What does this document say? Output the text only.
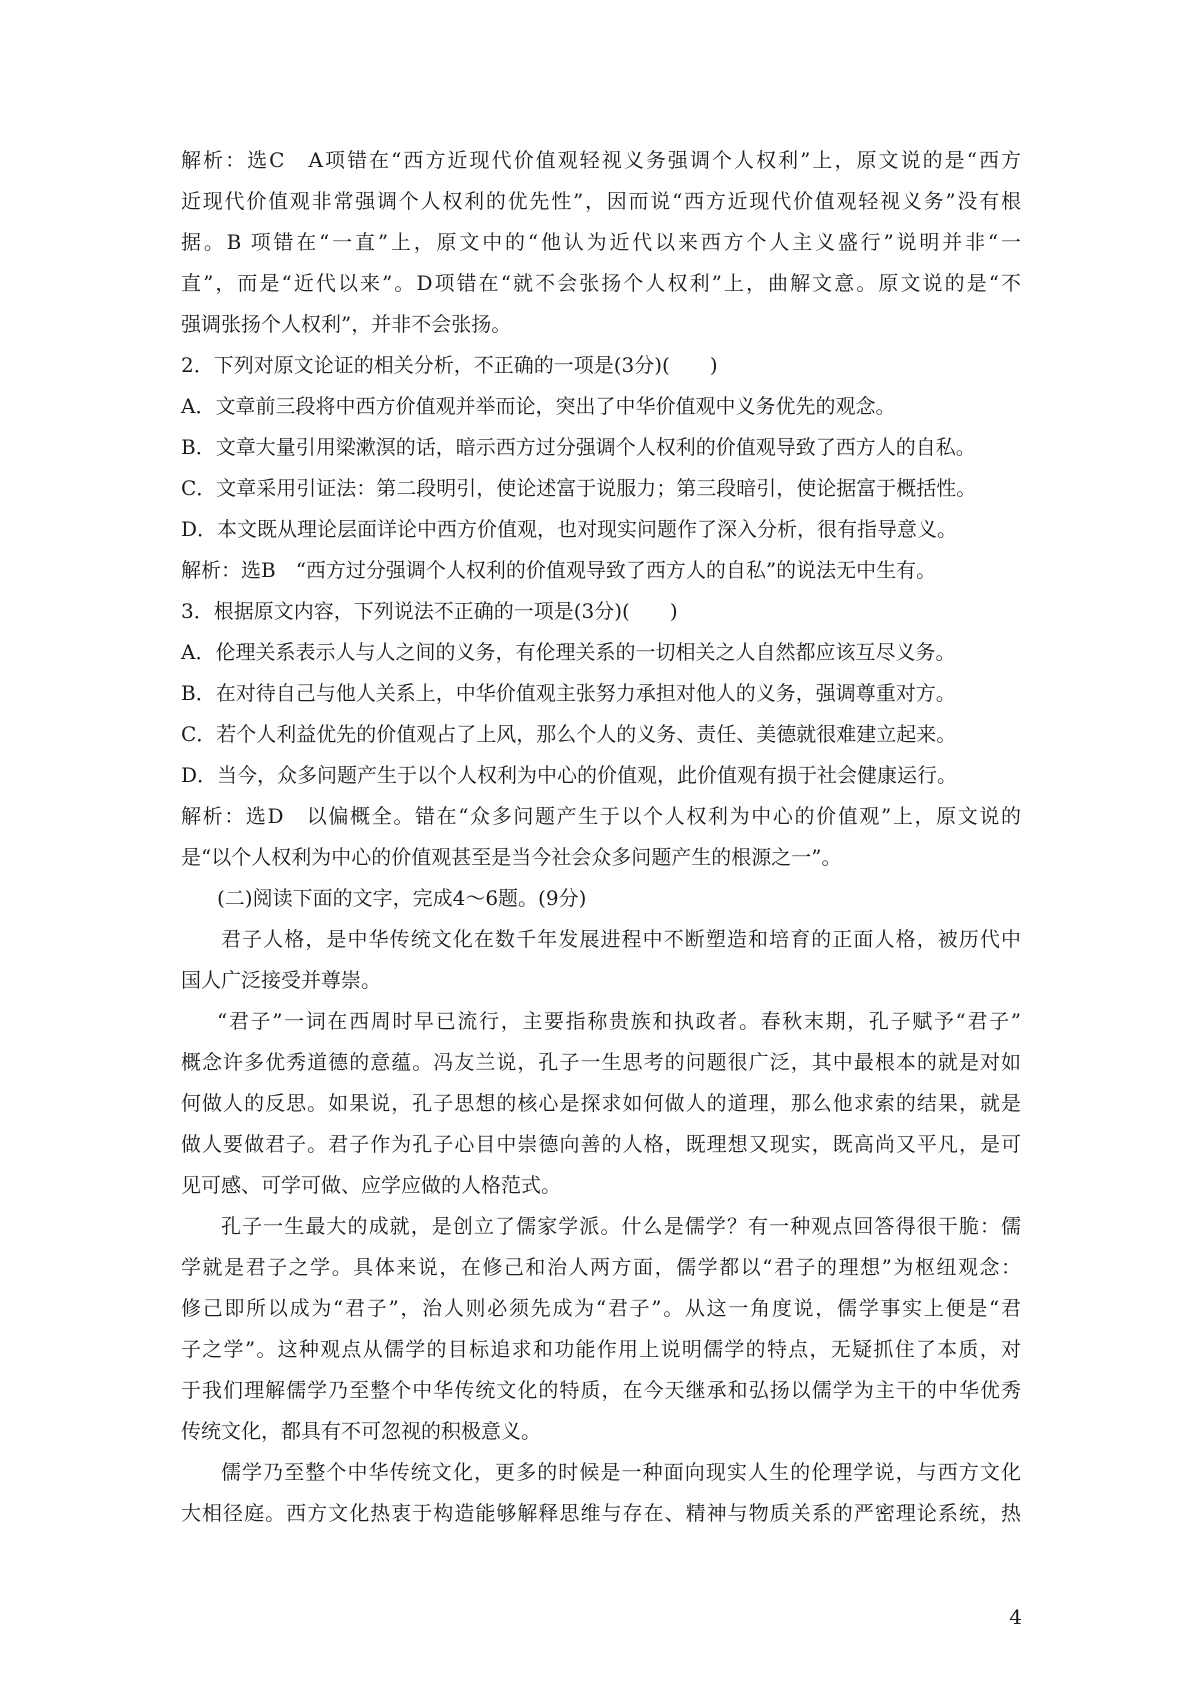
解析：选C　A项错在“西方近现代价值观轻视义务强调个人权利”上，原文说的是“西方
近现代价值观非常强调个人权利的优先性”，因而说“西方近现代价值观轻视义务”没有根
据。B 项错在“一直”上，原文中的“他认为近代以来西方个人主义盛行”说明并非“一
直”，而是“近代以来”。D项错在“就不会张扬个人权利”上，曲解文意。原文说的是“不
强调张扬个人权利”，并非不会张扬。
2．下列对原文论证的相关分析，不正确的一项是(3分)(　　)
A．文章前三段将中西方价值观并举而论，突出了中华价值观中义务优先的观念。
B．文章大量引用梁漱溟的话，暗示西方过分强调个人权利的价值观导致了西方人的自私。
C．文章采用引证法：第二段明引，使论述富于说服力；第三段暗引，使论据富于概括性。
D．本文既从理论层面详论中西方价值观，也对现实问题作了深入分析，很有指导意义。
解析：选B　“西方过分强调个人权利的价值观导致了西方人的自私”的说法无中生有。
3．根据原文内容，下列说法不正确的一项是(3分)(　　)
A．伦理关系表示人与人之间的义务，有伦理关系的一切相关之人自然都应该互尽义务。
B．在对待自己与他人关系上，中华价值观主张努力承担对他人的义务，强调尊重对方。
C．若个人利益优先的价值观占了上风，那么个人的义务、责任、美德就很难建立起来。
D．当今，众多问题产生于以个人权利为中心的价值观，此价值观有损于社会健康运行。
解析：选D　以偏概全。错在“众多问题产生于以个人权利为中心的价值观”上，原文说的
是“以个人权利为中心的价值观甚至是当今社会众多问题产生的根源之一”。
(二)阅读下面的文字，完成4～6题。(9分)
君子人格，是中华传统文化在数千年发展进程中不断塑造和培育的正面人格，被历代中
国人广泛接受并尊崇。
“君子”一词在西周时早已流行，主要指称贵族和执政者。春秋末期，孔子赋予“君子”
概念许多优秀道德的意蕴。冯友兰说，孔子一生思考的问题很广泛，其中最根本的就是对如
何做人的反思。如果说，孔子思想的核心是探求如何做人的道理，那么他求索的结果，就是
做人要做君子。君子作为孔子心目中崇德向善的人格，既理想又现实，既高尚又平凡，是可
见可感、可学可做、应学应做的人格范式。
孔子一生最大的成就，是创立了儒家学派。什么是儒学？有一种观点回答得很干脆：儒
学就是君子之学。具体来说，在修己和治人两方面，儒学都以“君子的理想”为枢纽观念：
修己即所以成为“君子”，治人则必须先成为“君子”。从这一角度说，儒学事实上便是“君
子之学”。这种观点从儒学的目标追求和功能作用上说明儒学的特点，无疑抓住了本质，对
于我们理解儒学乃至整个中华传统文化的特质，在今天继承和弘扬以儒学为主干的中华优秀
传统文化，都具有不可忽视的积极意义。
儒学乃至整个中华传统文化，更多的时候是一种面向现实人生的伦理学说，与西方文化
大相径庭。西方文化热衷于构造能够解释思维与存在、精神与物质关系的严密理论系统，热
4
